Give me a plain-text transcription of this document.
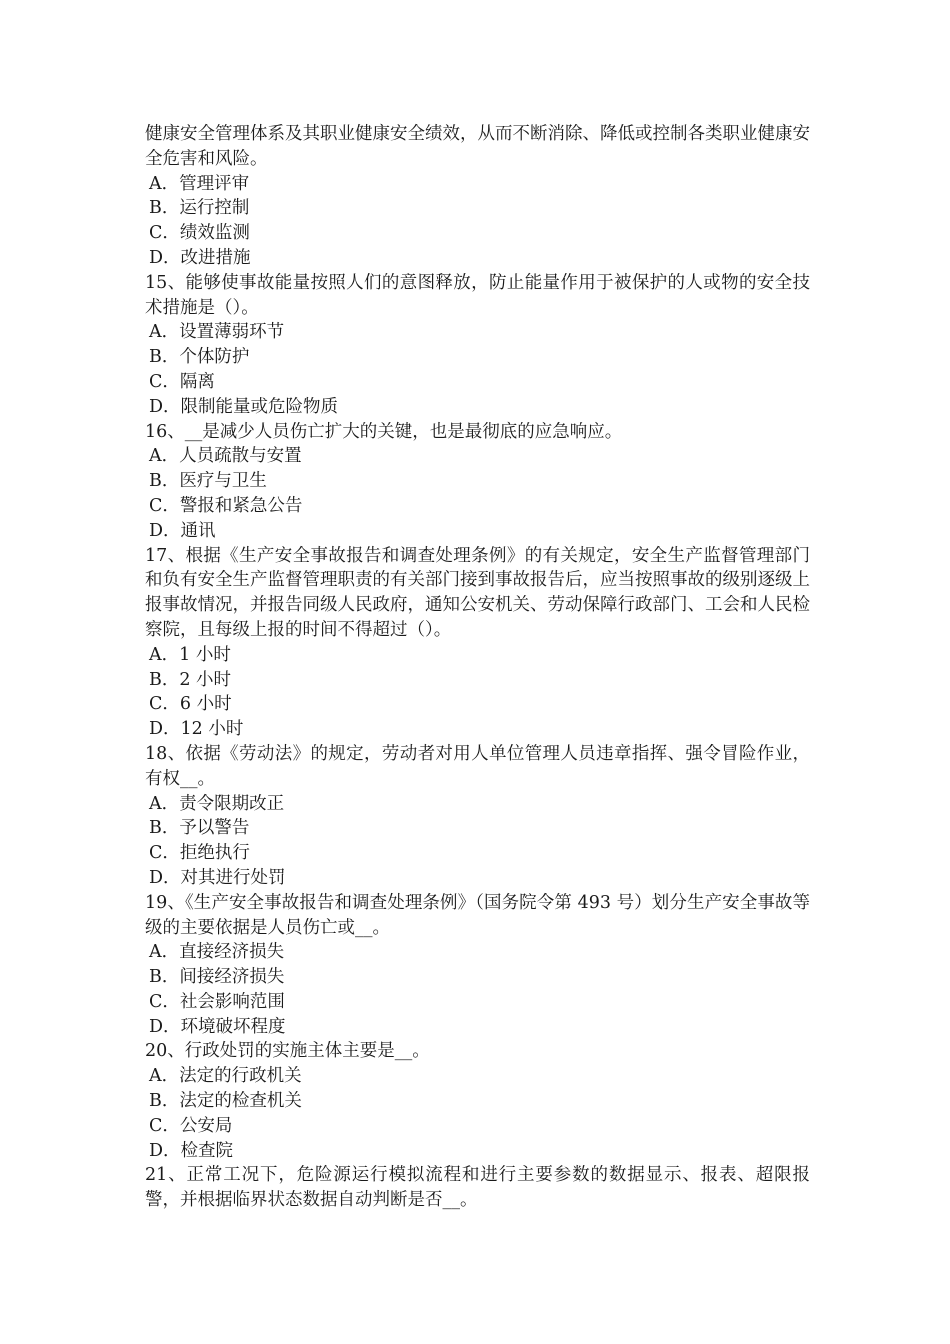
健康安全管理体系及其职业健康安全绩效，从而不断消除、降低或控制各类职业健康安全危害和风险。

A．管理评审

B．运行控制

C．绩效监测

D．改进措施

15、能够使事故能量按照人们的意图释放，防止能量作用于被保护的人或物的安全技术措施是（）。

A．设置薄弱环节

B．个体防护

C．隔离

D．限制能量或危险物质

16、__是减少人员伤亡扩大的关键，也是最彻底的应急响应。

A．人员疏散与安置

B．医疗与卫生

C．警报和紧急公告

D．通讯

17、根据《生产安全事故报告和调查处理条例》的有关规定，安全生产监督管理部门和负有安全生产监督管理职责的有关部门接到事故报告后，应当按照事故的级别逐级上报事故情况，并报告同级人民政府，通知公安机关、劳动保障行政部门、工会和人民检察院，且每级上报的时间不得超过（）。

A．1 小时

B．2 小时

C．6 小时

D．12 小时

18、依据《劳动法》的规定，劳动者对用人单位管理人员违章指挥、强令冒险作业，有权__。

A．责令限期改正

B．予以警告

C．拒绝执行

D．对其进行处罚

19、《生产安全事故报告和调查处理条例》（国务院令第 493 号）划分生产安全事故等级的主要依据是人员伤亡或__。

A．直接经济损失

B．间接经济损失

C．社会影响范围

D．环境破坏程度

20、行政处罚的实施主体主要是__。

A．法定的行政机关

B．法定的检查机关

C．公安局

D．检查院

21、正常工况下，危险源运行模拟流程和进行主要参数的数据显示、报表、超限报警，并根据临界状态数据自动判断是否__。
